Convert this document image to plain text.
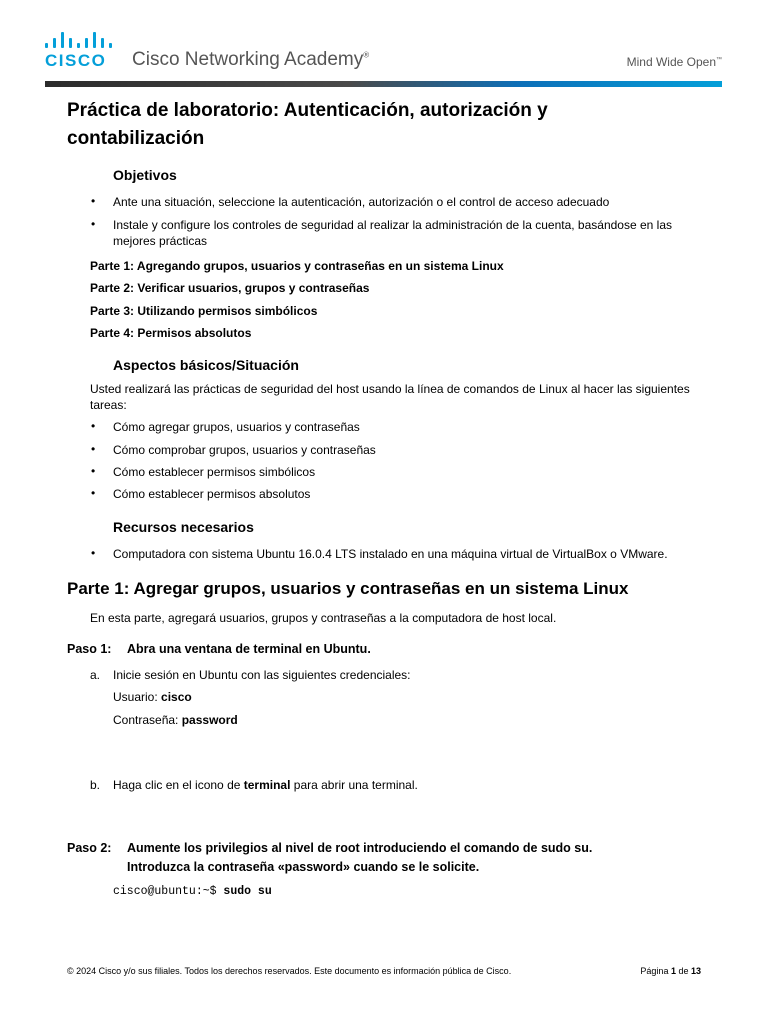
CISCO Cisco Networking Academy®	Mind Wide Open™
Práctica de laboratorio: Autenticación, autorización y contabilización
Objetivos
• Ante una situación, seleccione la autenticación, autorización o el control de acceso adecuado
• Instale y configure los controles de seguridad al realizar la administración de la cuenta, basándose en las mejores prácticas
Parte 1: Agregando grupos, usuarios y contraseñas en un sistema Linux
Parte 2: Verificar usuarios, grupos y contraseñas
Parte 3: Utilizando permisos simbólicos
Parte 4: Permisos absolutos
Aspectos básicos/Situación
Usted realizará las prácticas de seguridad del host usando la línea de comandos de Linux al hacer las siguientes tareas:
• Cómo agregar grupos, usuarios y contraseñas
• Cómo comprobar grupos, usuarios y contraseñas
• Cómo establecer permisos simbólicos
• Cómo establecer permisos absolutos
Recursos necesarios
• Computadora con sistema Ubuntu 16.0.4 LTS instalado en una máquina virtual de VirtualBox o VMware.
Parte 1: Agregar grupos, usuarios y contraseñas en un sistema Linux
En esta parte, agregará usuarios, grupos y contraseñas a la computadora de host local.
Paso 1: Abra una ventana de terminal en Ubuntu.
a. Inicie sesión en Ubuntu con las siguientes credenciales:
Usuario: cisco
Contraseña: password
b. Haga clic en el icono de terminal para abrir una terminal.
Paso 2: Aumente los privilegios al nivel de root introduciendo el comando de sudo su.
Introduzca la contraseña «password» cuando se le solicite.
cisco@ubuntu:~$ sudo su
© 2024 Cisco y/o sus filiales. Todos los derechos reservados. Este documento es información pública de Cisco.	Página 1 de 13
